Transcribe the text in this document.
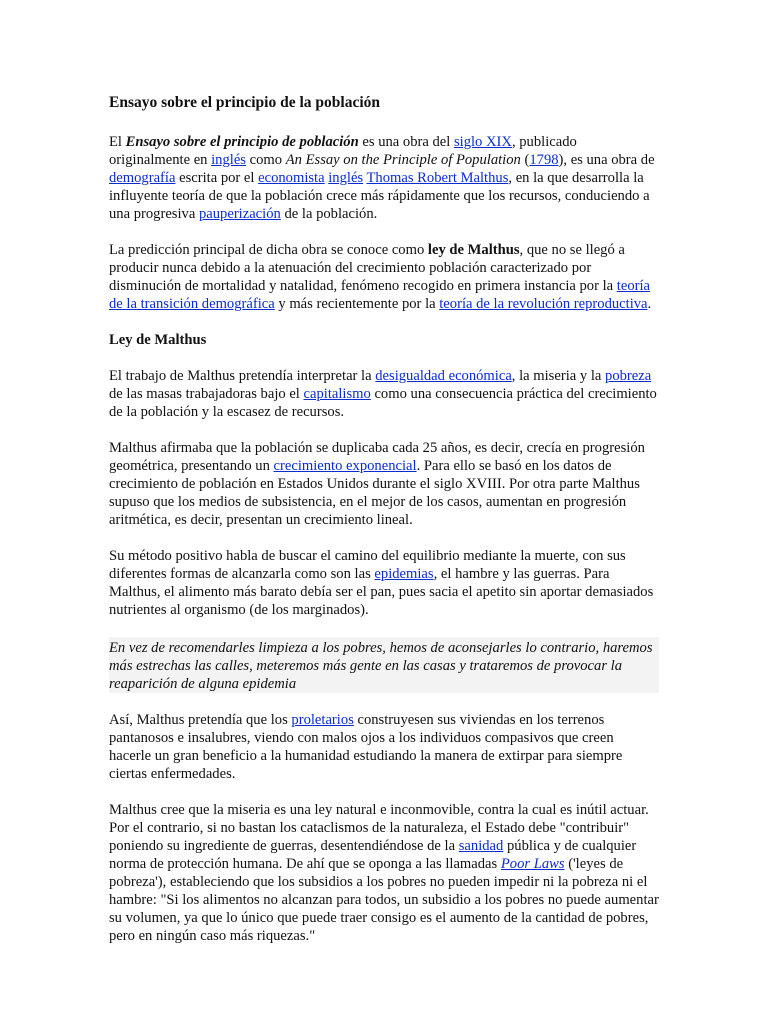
Ensayo sobre el principio de la población

El Ensayo sobre el principio de población es una obra del siglo XIX, publicado originalmente en inglés como An Essay on the Principle of Population (1798), es una obra de demografía escrita por el economista inglés Thomas Robert Malthus, en la que desarrolla la influyente teoría de que la población crece más rápidamente que los recursos, conduciendo a una progresiva pauperización de la población.

La predicción principal de dicha obra se conoce como ley de Malthus, que no se llegó a producir nunca debido a la atenuación del crecimiento población caracterizado por disminución de mortalidad y natalidad, fenómeno recogido en primera instancia por la teoría de la transición demográfica y más recientemente por la teoría de la revolución reproductiva.

Ley de Malthus

El trabajo de Malthus pretendía interpretar la desigualdad económica, la miseria y la pobreza de las masas trabajadoras bajo el capitalismo como una consecuencia práctica del crecimiento de la población y la escasez de recursos.

Malthus afirmaba que la población se duplicaba cada 25 años, es decir, crecía en progresión geométrica, presentando un crecimiento exponencial. Para ello se basó en los datos de crecimiento de población en Estados Unidos durante el siglo XVIII. Por otra parte Malthus supuso que los medios de subsistencia, en el mejor de los casos, aumentan en progresión aritmética, es decir, presentan un crecimiento lineal.

Su método positivo habla de buscar el camino del equilibrio mediante la muerte, con sus diferentes formas de alcanzarla como son las epidemias, el hambre y las guerras. Para Malthus, el alimento más barato debía ser el pan, pues sacia el apetito sin aportar demasiados nutrientes al organismo (de los marginados).

En vez de recomendarles limpieza a los pobres, hemos de aconsejarles lo contrario, haremos más estrechas las calles, meteremos más gente en las casas y trataremos de provocar la reaparición de alguna epidemia

Así, Malthus pretendía que los proletarios construyesen sus viviendas en los terrenos pantanosos e insalubres, viendo con malos ojos a los individuos compasivos que creen hacerle un gran beneficio a la humanidad estudiando la manera de extirpar para siempre ciertas enfermedades.

Malthus cree que la miseria es una ley natural e inconmovible, contra la cual es inútil actuar. Por el contrario, si no bastan los cataclismos de la naturaleza, el Estado debe "contribuir" poniendo su ingrediente de guerras, desentendiéndose de la sanidad pública y de cualquier norma de protección humana. De ahí que se oponga a las llamadas Poor Laws ('leyes de pobreza'), estableciendo que los subsidios a los pobres no pueden impedir ni la pobreza ni el hambre: "Si los alimentos no alcanzan para todos, un subsidio a los pobres no puede aumentar su volumen, ya que lo único que puede traer consigo es el aumento de la cantidad de pobres, pero en ningún caso más riquezas."
